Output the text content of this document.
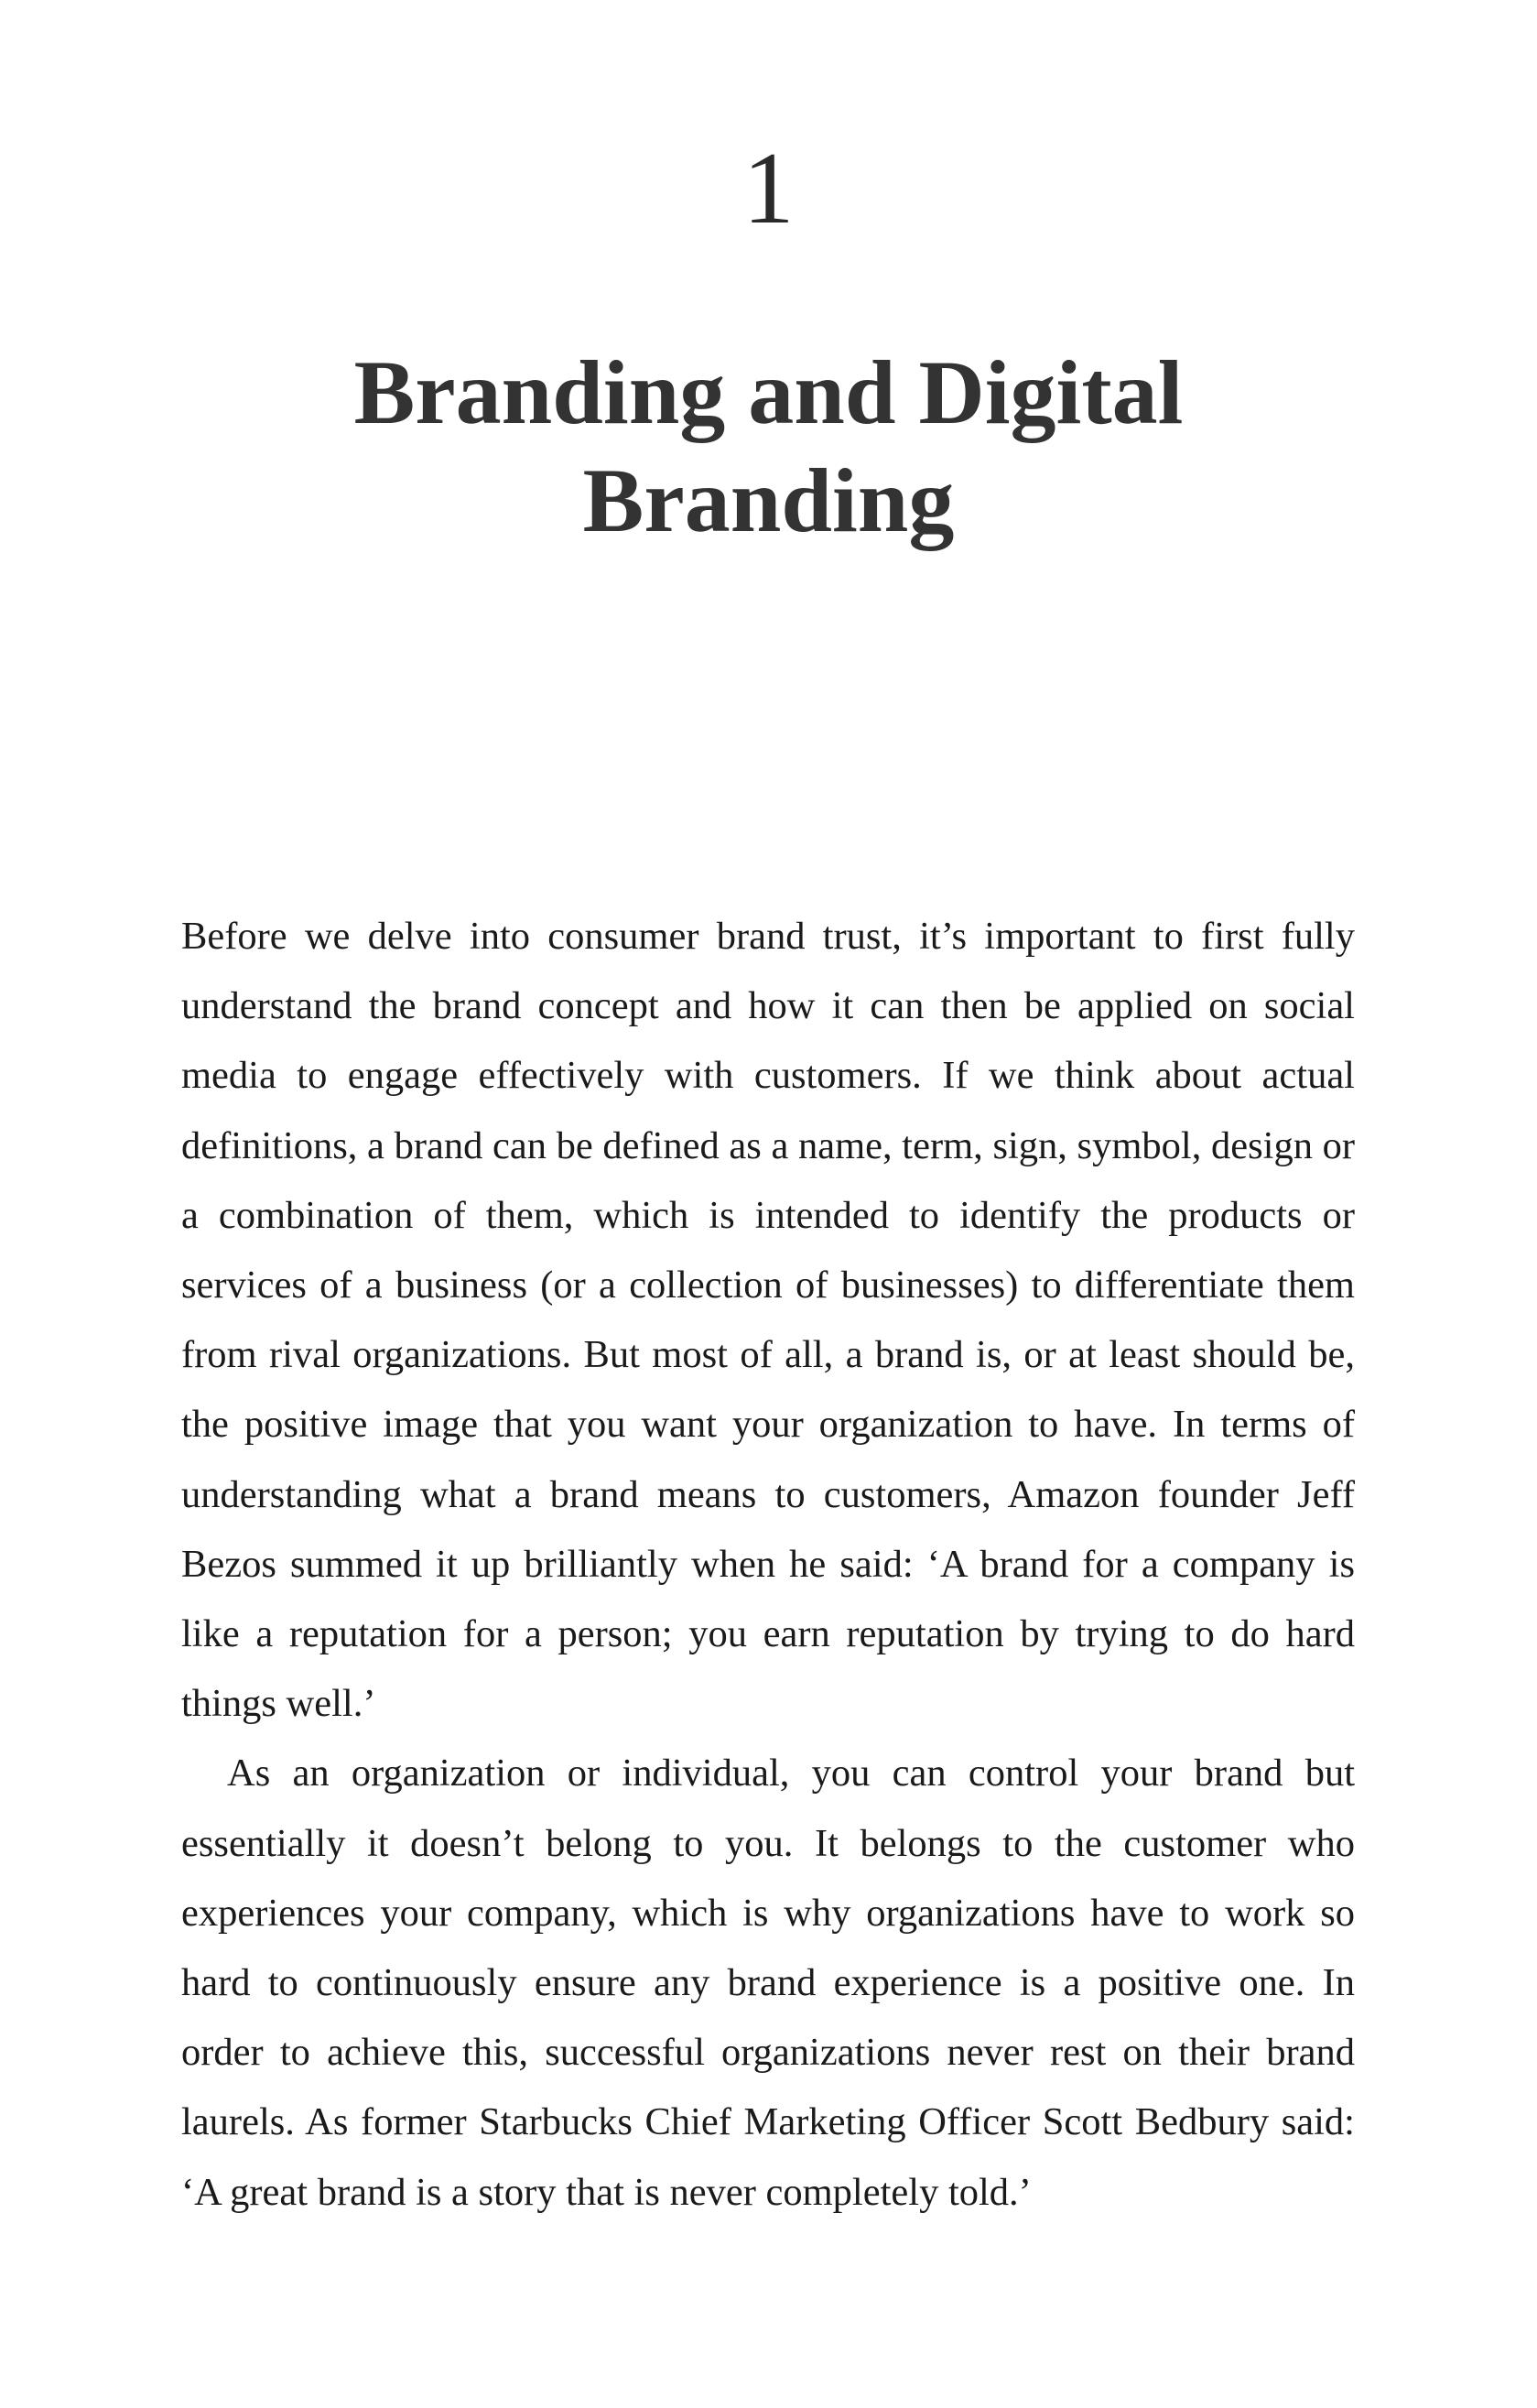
1
Branding and Digital Branding

Before we delve into consumer brand trust, it’s important to first fully understand the brand concept and how it can then be applied on social media to engage effectively with customers. If we think about actual definitions, a brand can be defined as a name, term, sign, symbol, design or a combination of them, which is intended to identify the products or services of a business (or a collection of businesses) to differentiate them from rival organizations. But most of all, a brand is, or at least should be, the positive image that you want your organization to have. In terms of understanding what a brand means to customers, Amazon founder Jeff Bezos summed it up brilliantly when he said: ‘A brand for a company is like a reputation for a person; you earn reputation by trying to do hard things well.’

As an organization or individual, you can control your brand but essentially it doesn’t belong to you. It belongs to the customer who experiences your company, which is why organizations have to work so hard to continuously ensure any brand experience is a positive one. In order to achieve this, successful organizations never rest on their brand laurels. As former Starbucks Chief Marketing Officer Scott Bedbury said: ‘A great brand is a story that is never completely told.’
